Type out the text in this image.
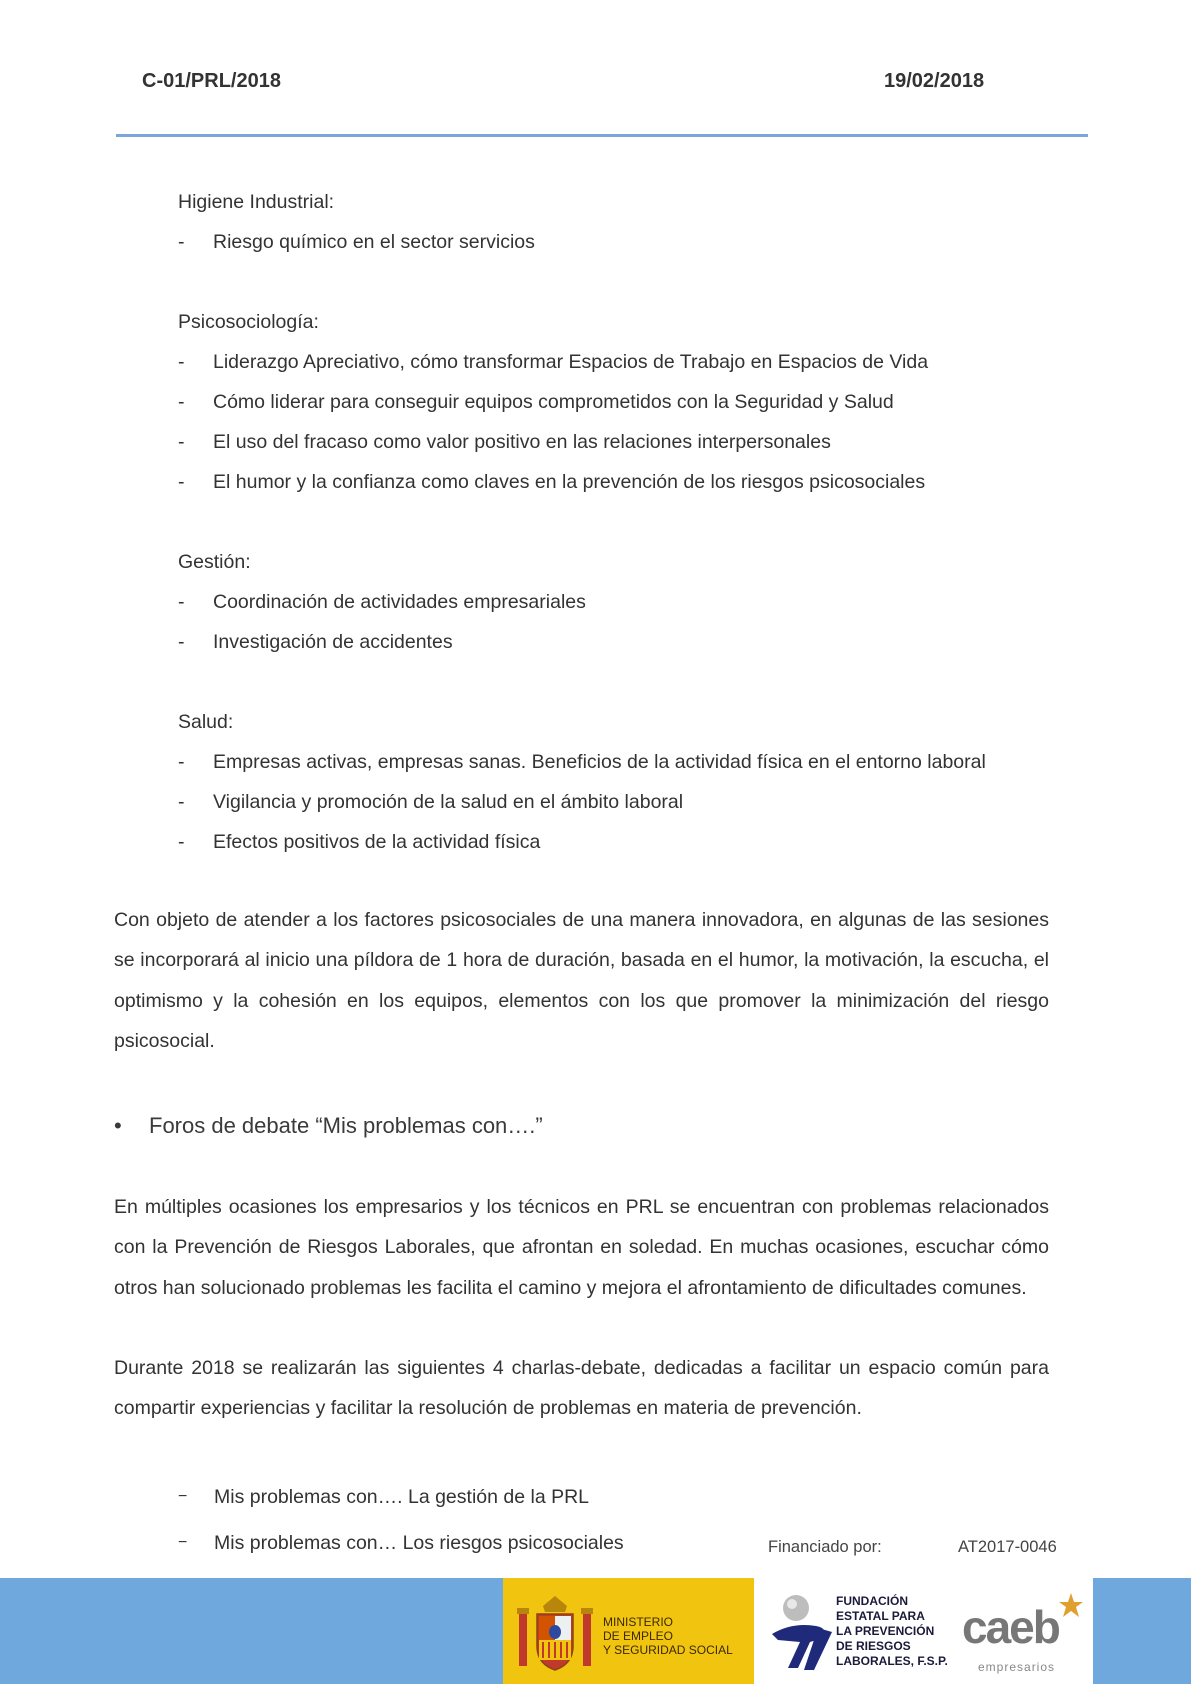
C-01/PRL/2018	19/02/2018
Higiene Industrial:
- Riesgo químico en el sector servicios
Psicosociología:
- Liderazgo Apreciativo, cómo transformar Espacios de Trabajo en Espacios de Vida
- Cómo liderar para conseguir equipos comprometidos con la Seguridad y Salud
- El uso del fracaso como valor positivo en las relaciones interpersonales
- El humor y la confianza como claves en la prevención de los riesgos psicosociales
Gestión:
- Coordinación de actividades empresariales
- Investigación de accidentes
Salud:
- Empresas activas, empresas sanas. Beneficios de la actividad física en el entorno laboral
- Vigilancia y promoción de la salud en el ámbito laboral
- Efectos positivos de la actividad física

Con objeto de atender a los factores psicosociales de una manera innovadora, en algunas de las sesiones se incorporará al inicio una píldora de 1 hora de duración, basada en el humor, la motivación, la escucha, el optimismo y la cohesión en los equipos, elementos con los que promover la minimización del riesgo psicosocial.

• Foros de debate “Mis problemas con….”

En múltiples ocasiones los empresarios y los técnicos en PRL se encuentran con problemas relacionados con la Prevención de Riesgos Laborales, que afrontan en soledad. En muchas ocasiones, escuchar cómo otros han solucionado problemas les facilita el camino y mejora el afrontamiento de dificultades comunes.

Durante 2018 se realizarán las siguientes 4 charlas-debate, dedicadas a facilitar un espacio común para compartir experiencias y facilitar la resolución de problemas en materia de prevención.

− Mis problemas con…. La gestión de la PRL
− Mis problemas con… Los riesgos psicosociales	Financiado por:	AT2017-0046
MINISTERIO
DE EMPLEO
Y SEGURIDAD SOCIAL
FUNDACIÓN
ESTATAL PARA
LA PREVENCIÓN
DE RIESGOS
LABORALES, F.S.P.
caeb
empresarios
